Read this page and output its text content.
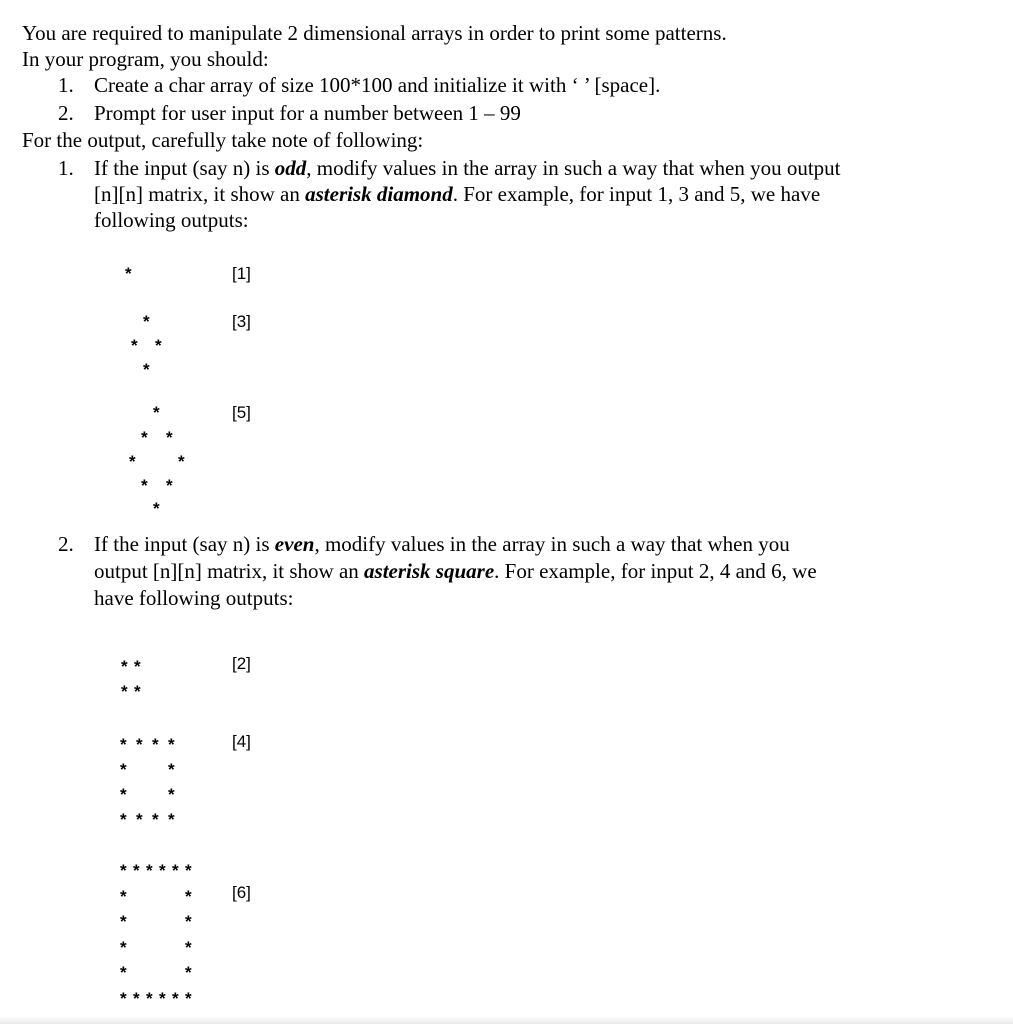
You are required to manipulate 2 dimensional arrays in order to print some patterns.
In your program, you should:
1. Create a char array of size 100*100 and initialize it with ‘ ’ [space].
2. Prompt for user input for a number between 1 – 99
For the output, carefully take note of following:
1. If the input (say n) is odd, modify values in the array in such a way that when you output
[n][n] matrix, it show an asterisk diamond. For example, for input 1, 3 and 5, we have
following outputs:
*	[1]
*
* *
*
[3]
*
* *
* *
* *
*
[5]
2. If the input (say n) is even, modify values in the array in such a way that when you
output [n][n] matrix, it show an asterisk square. For example, for input 2, 4 and 6, we
have following outputs:
* *
* *
* * * *
* *
* *
* * * *
* * * * * *
*	*
*	*
*	*
*	*
* * * * * *
[2]
[4]
[6]
